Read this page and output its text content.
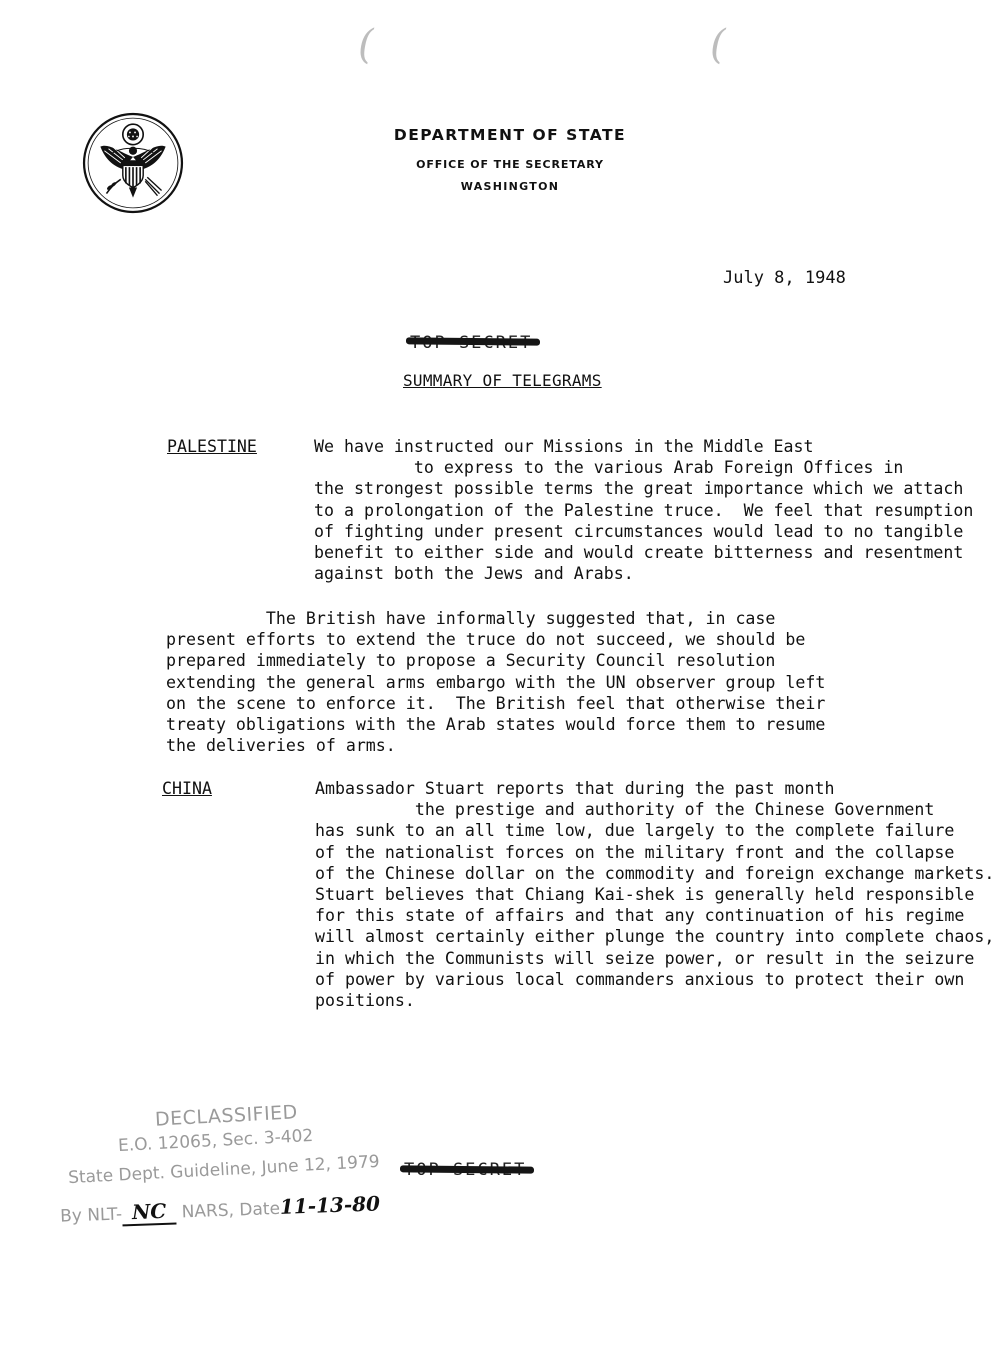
(	(
DEPARTMENT OF STATE
OFFICE OF THE SECRETARY
WASHINGTON
July 8, 1948
SUMMARY OF TELEGRAMS
PALESTINE	We have instructed our Missions in the Middle East
to express to the various Arab Foreign Offices in
the strongest possible terms the great importance which we attach
to a prolongation of the Palestine truce.  We feel that resumption
of fighting under present circumstances would lead to no tangible
benefit to either side and would create bitterness and resentment
against both the Jews and Arabs.
The British have informally suggested that, in case
present efforts to extend the truce do not succeed, we should be
prepared immediately to propose a Security Council resolution
extending the general arms embargo with the UN observer group left
on the scene to enforce it.  The British feel that otherwise their
treaty obligations with the Arab states would force them to resume
the deliveries of arms.
CHINA	Ambassador Stuart reports that during the past month
the prestige and authority of the Chinese Government
has sunk to an all time low, due largely to the complete failure
of the nationalist forces on the military front and the collapse
of the Chinese dollar on the commodity and foreign exchange markets.
Stuart believes that Chiang Kai-shek is generally held responsible
for this state of affairs and that any continuation of his regime
will almost certainly either plunge the country into complete chaos,
in which the Communists will seize power, or result in the seizure
of power by various local commanders anxious to protect their own
positions.
DECLASSIFIED
E.O. 12065, Sec. 3-402
State Dept. Guideline, June 12, 1979
By NLT- NC NARS, Date11-13-80
